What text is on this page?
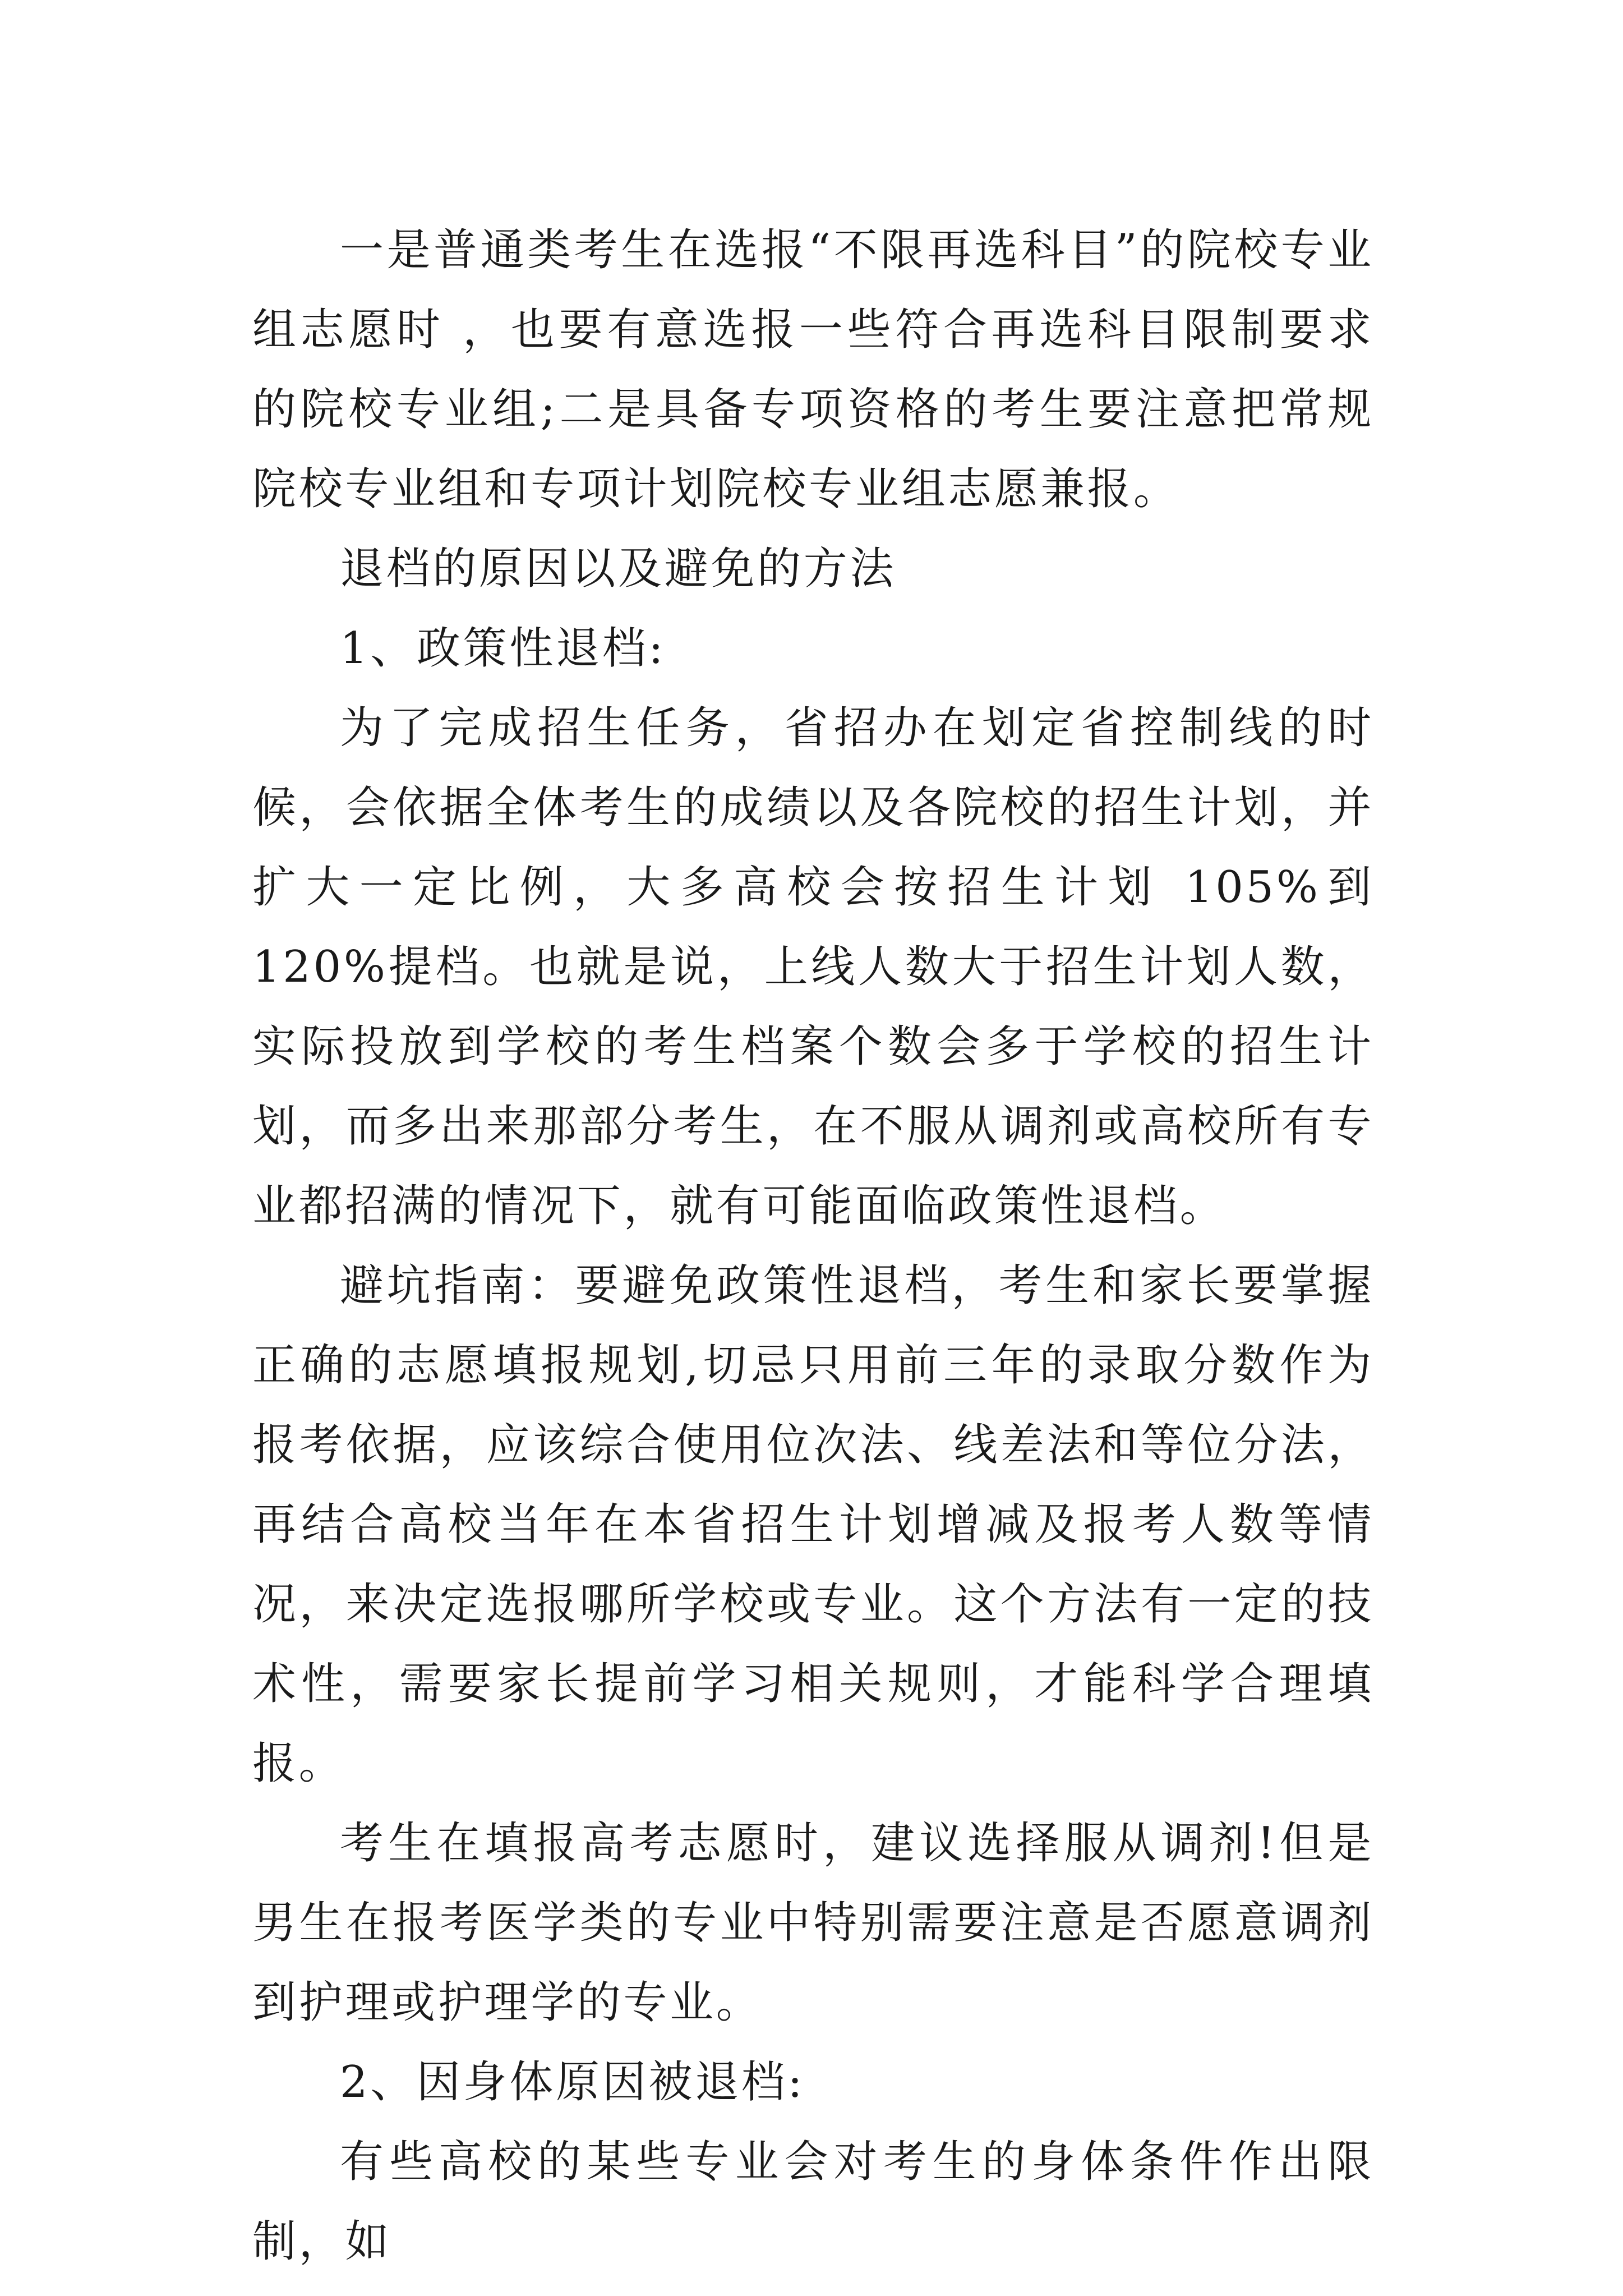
一是普通类考生在选报“不限再选科目”的院校专业组志愿时 ，也要有意选报一些符合再选科目限制要求的院校专业组;二是具备专项资格的考生要注意把常规院校专业组和专项计划院校专业组志愿兼报。

退档的原因以及避免的方法

1、政策性退档:

为了完成招生任务，省招办在划定省控制线的时候，会依据全体考生的成绩以及各院校的招生计划，并扩大一定比例，大多高校会按招生计划 105%到 120%提档。也就是说，上线人数大于招生计划人数，实际投放到学校的考生档案个数会多于学校的招生计划，而多出来那部分考生，在不服从调剂或高校所有专业都招满的情况下，就有可能面临政策性退档。

避坑指南：要避免政策性退档，考生和家长要掌握正确的志愿填报规划,切忌只用前三年的录取分数作为报考依据，应该综合使用位次法、线差法和等位分法，再结合高校当年在本省招生计划增减及报考人数等情况，来决定选报哪所学校或专业。这个方法有一定的技术性，需要家长提前学习相关规则，才能科学合理填报。

考生在填报高考志愿时，建议选择服从调剂!但是男生在报考医学类的专业中特别需要注意是否愿意调剂到护理或护理学的专业。

2、因身体原因被退档:

有些高校的某些专业会对考生的身体条件作出限制，如
